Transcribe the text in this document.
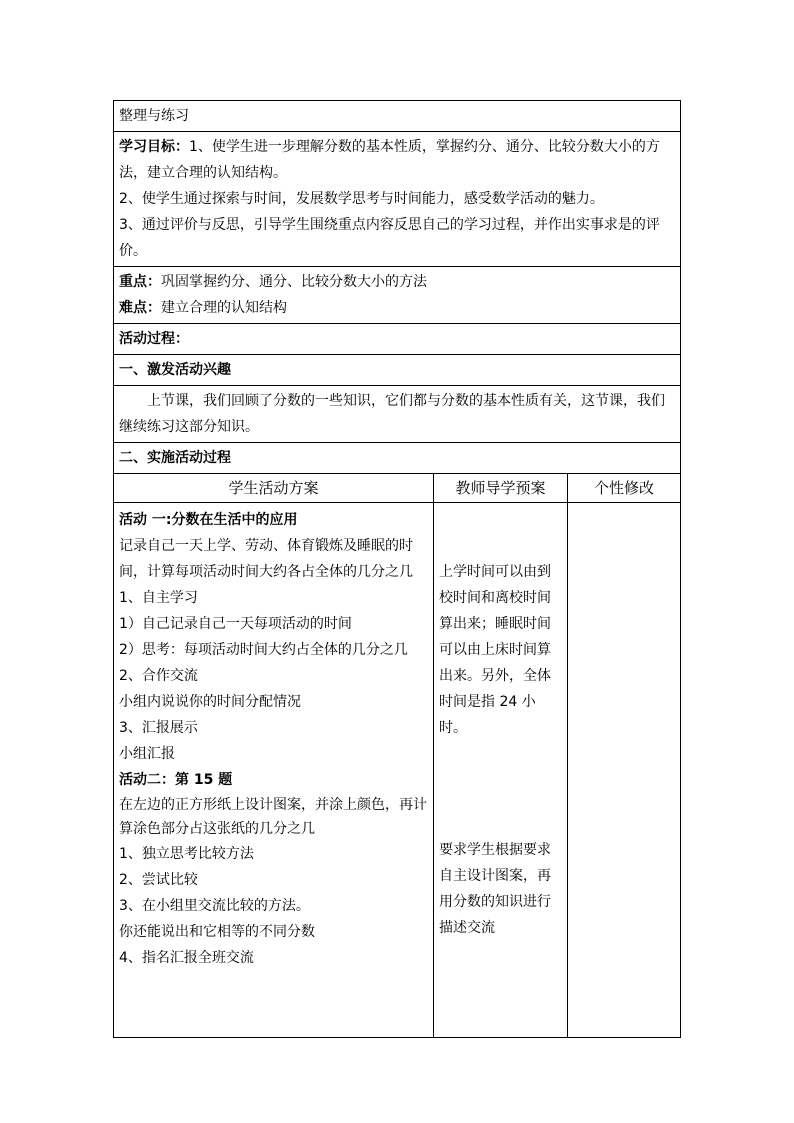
整理与练习

学习目标：1、使学生进一步理解分数的基本性质，掌握约分、通分、比较分数大小的方法，建立合理的认知结构。

2、使学生通过探索与时间，发展数学思考与时间能力，感受数学活动的魅力。

3、通过评价与反思，引导学生围绕重点内容反思自己的学习过程，并作出实事求是的评价。

重点：巩固掌握约分、通分、比较分数大小的方法

难点：建立合理的认知结构

活动过程：
一、激发活动兴趣

上节课，我们回顾了分数的一些知识，它们都与分数的基本性质有关，这节课，我们继续练习这部分知识。

二、实施活动过程
学生活动方案	教师导学预案	个性修改

活动 一:分数在生活中的应用

记录自己一天上学、劳动、体育锻炼及睡眠的时间，计算每项活动时间大约各占全体的几分之几

1、自主学习

1）自己记录自己一天每项活动的时间

2）思考：每项活动时间大约占全体的几分之几

2、合作交流

小组内说说你的时间分配情况

3、汇报展示

小组汇报

活动二：第 15 题

在左边的正方形纸上设计图案，并涂上颜色，再计算涂色部分占这张纸的几分之几

1、独立思考比较方法

2、尝试比较

3、在小组里交流比较的方法。

你还能说出和它相等的不同分数

4、指名汇报全班交流

上学时间可以由到校时间和离校时间算出来；睡眠时间可以由上床时间算出来。另外，全体时间是指 24 小时。

要求学生根据要求自主设计图案，再用分数的知识进行描述交流
